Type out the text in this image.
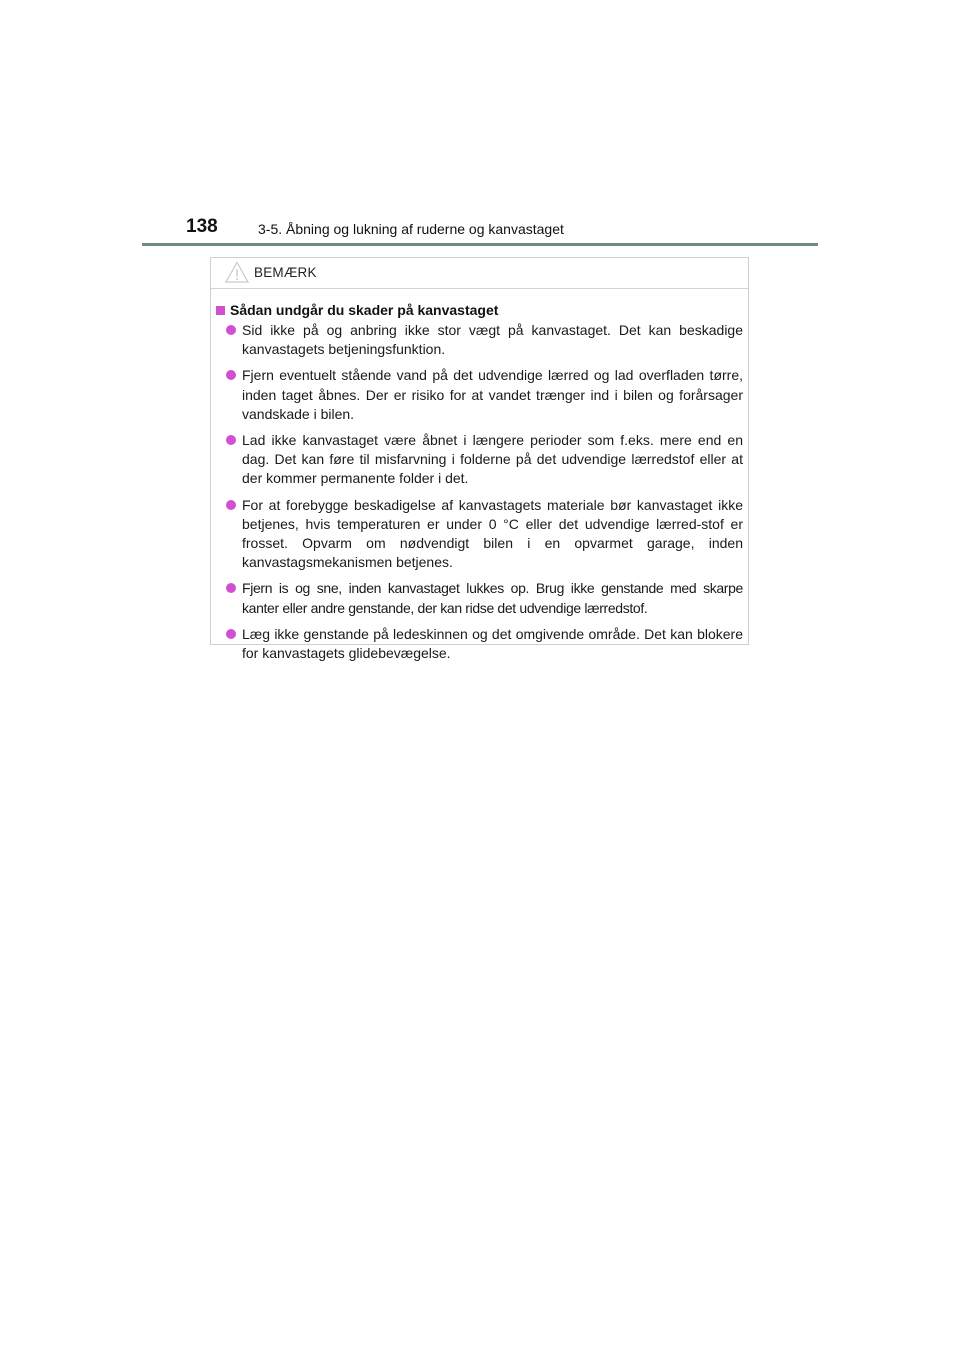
138	3-5. Åbning og lukning af ruderne og kanvastaget
BEMÆRK
Sådan undgår du skader på kanvastaget
Sid ikke på og anbring ikke stor vægt på kanvastaget. Det kan beskadige kanvastagets betjeningsfunktion.
Fjern eventuelt stående vand på det udvendige lærred og lad overfladen tørre, inden taget åbnes. Der er risiko for at vandet trænger ind i bilen og forårsager vandskade i bilen.
Lad ikke kanvastaget være åbnet i længere perioder som f.eks. mere end en dag. Det kan føre til misfarvning i folderne på det udvendige lærredstof eller at der kommer permanente folder i det.
For at forebygge beskadigelse af kanvastagets materiale bør kanvastaget ikke betjenes, hvis temperaturen er under 0 °C eller det udvendige lærred-stof er frosset. Opvarm om nødvendigt bilen i en opvarmet garage, inden kanvastagsmekanismen betjenes.
Fjern is og sne, inden kanvastaget lukkes op. Brug ikke genstande med skarpe kanter eller andre genstande, der kan ridse det udvendige lærredstof.
Læg ikke genstande på ledeskinnen og det omgivende område. Det kan blokere for kanvastagets glidebevægelse.
